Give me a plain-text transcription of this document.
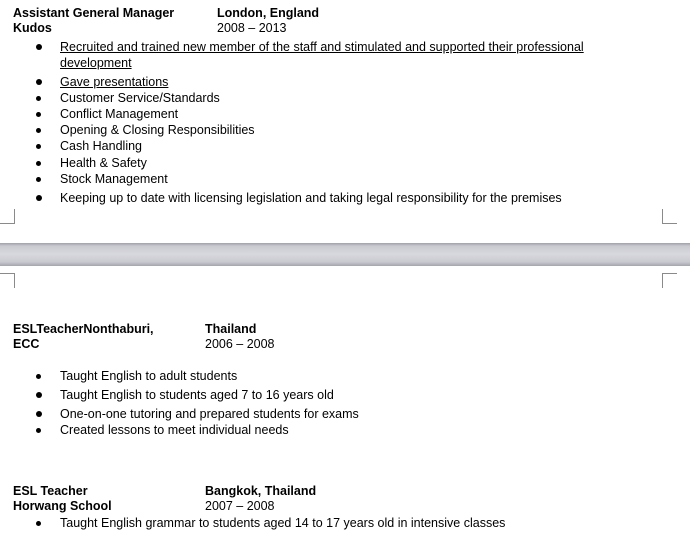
Assistant General Manager	London, England
Kudos	2008 – 2013
Recruited and trained new member of the staff and stimulated and supported their professional
development
Gave presentations
Customer Service/Standards
Conflict Management
Opening & Closing Responsibilities
Cash Handling
Health & Safety
Stock Management
Keeping up to date with licensing legislation and taking legal responsibility for the premises
ESLTeacherNonthaburi,	Thailand
ECC	2006 – 2008
Taught English to adult students
Taught English to students aged 7 to 16 years old
One-on-one tutoring and prepared students for exams
Created lessons to meet individual needs
ESL Teacher	Bangkok, Thailand
Horwang School	2007 – 2008
Taught English grammar to students aged 14 to 17 years old in intensive classes
